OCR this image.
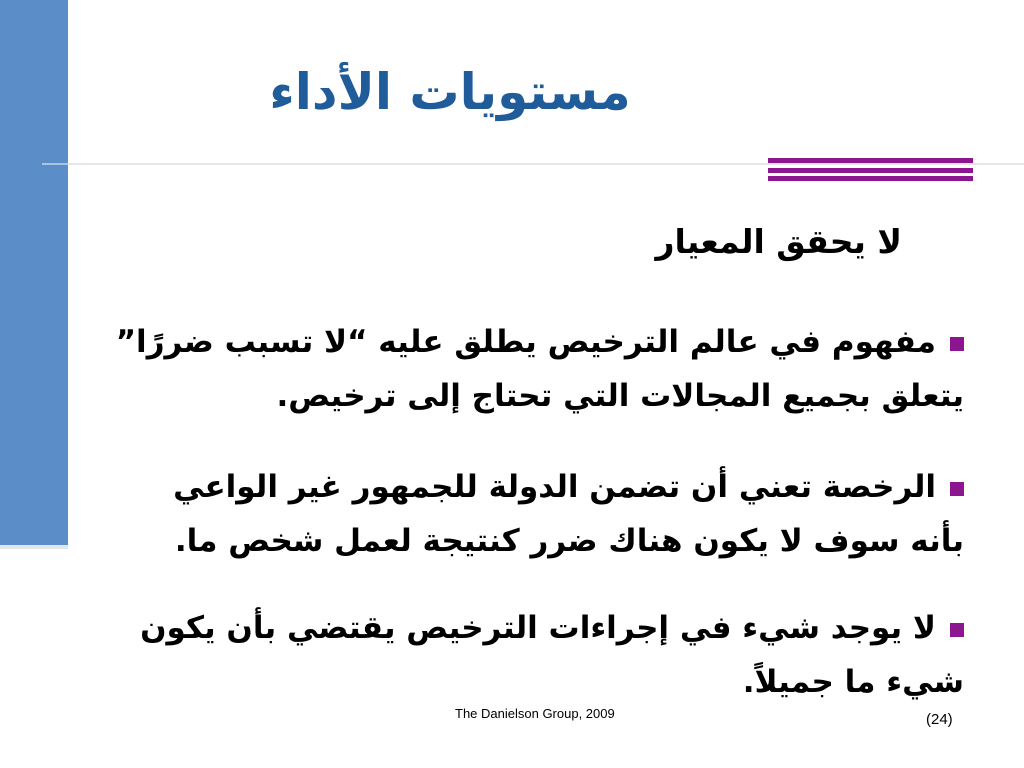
مستويات الأداء
لا يحقق المعيار
مفهوم في عالم الترخيص يطلق عليه “لا تسبب ضررًا”
يتعلق بجميع المجالات التي تحتاج إلى ترخيص.
الرخصة تعني أن تضمن الدولة للجمهور غير الواعي
بأنه سوف لا يكون هناك ضرر كنتيجة لعمل شخص ما.
لا يوجد شيء في إجراءات الترخيص يقتضي بأن يكون
شيء ما جميلاً.
The Danielson Group, 2009	(24)
